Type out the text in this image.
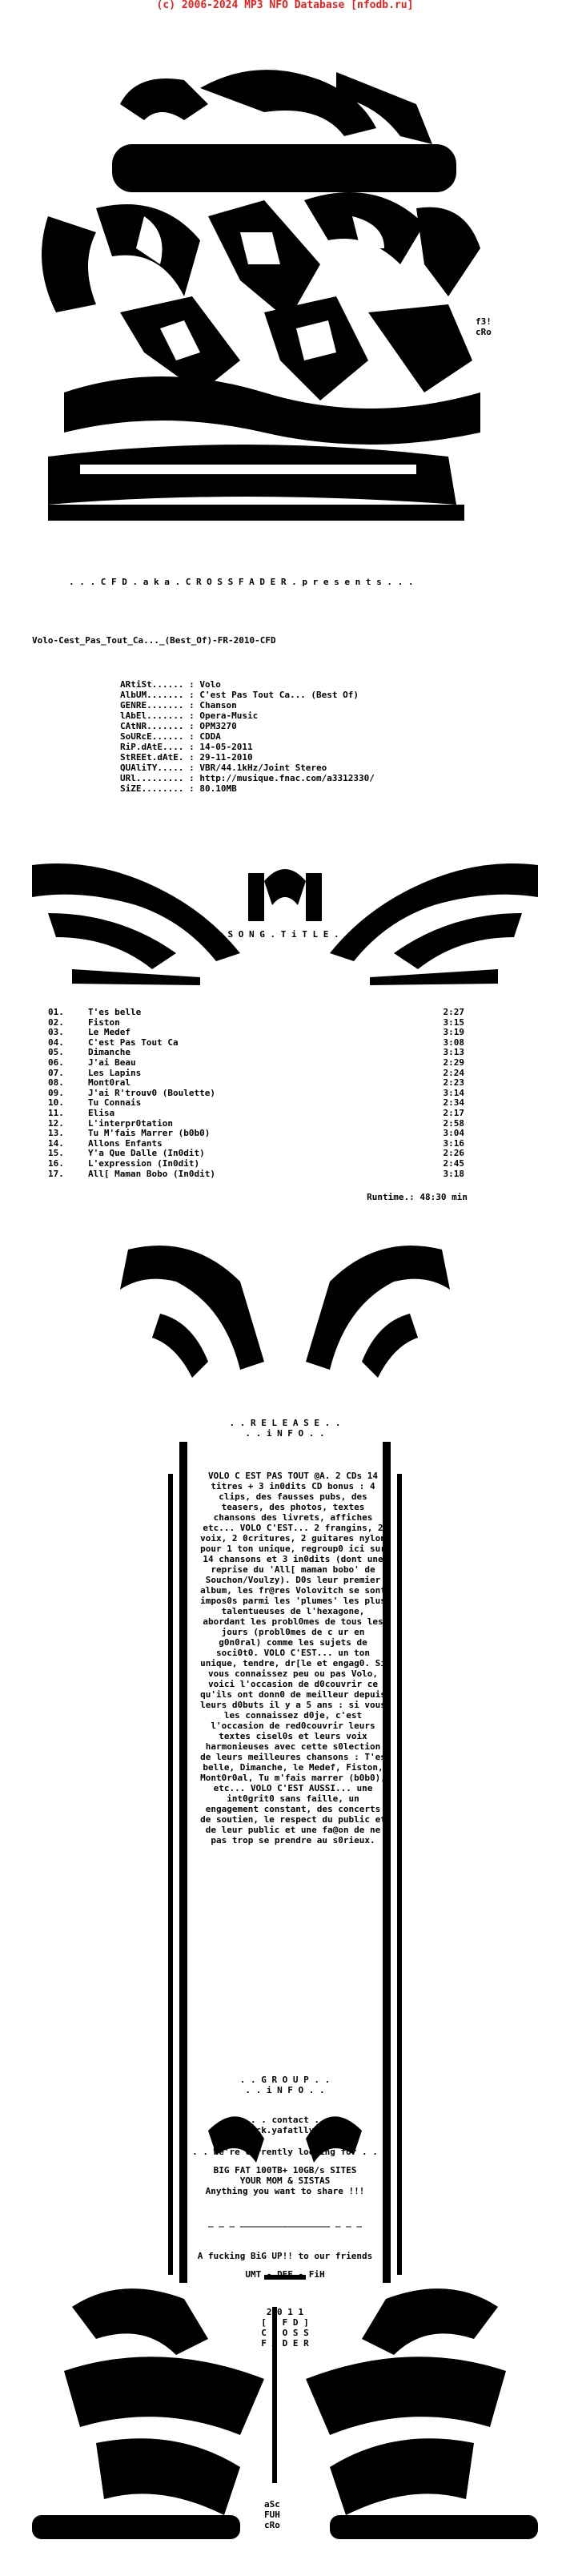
(c) 2006-2024 MP3 NFO Database [nfodb.ru]
f3!
cRo
. . . C F D . a k a . C R O S S F A D E R . p r e s e n t s . . .
Volo-Cest_Pas_Tout_Ca..._(Best_Of)-FR-2010-CFD
ARtiSt...... : Volo
AlbUM....... : C'est Pas Tout Ca... (Best Of)
GENRE....... : Chanson
lAbEl....... : Opera-Music
CAtNR....... : OPM3270
SoURcE...... : CDDA
RiP.dAtE.... : 14-05-2011
StREEt.dAtE. : 29-11-2010
QUAliTY..... : VBR/44.1kHz/Joint Stereo
URl......... : http://musique.fnac.com/a3312330/
SiZE........ : 80.10MB
. . S O N G . T i T L E . .
01.	T'es belle	2:27
02.	Fiston	3:15
03.	Le Medef	3:19
04.	C'est Pas Tout Ca	3:08
05.	Dimanche	3:13
06.	J'ai Beau	2:29
07.	Les Lapins	2:24
08.	Mont0ral	2:23
09.	J'ai R'trouv0 (Boulette)	3:14
10.	Tu Connais	2:34
11.	Elisa	2:17
12.	L'interpr0tation	2:58
13.	Tu M'fais Marrer (b0b0)	3:04
14.	Allons Enfants	3:16
15.	Y'a Que Dalle (In0dit)	2:26
16.	L'expression (In0dit)	2:45
17.	All[ Maman Bobo (In0dit)	3:18
Runtime.: 48:30 min
. . R E L E A S E . .
. . i N F O . .
VOLO C EST PAS TOUT @A. 2 CDs 14 titres + 3 in0dits CD bonus : 4 clips, des fausses pubs, des teasers, des photos, textes chansons des livrets, affiches etc... VOLO C'EST... 2 frangins, 2 voix, 2 0critures, 2 guitares nylon pour 1 ton unique, regroup0 ici sur 14 chansons et 3 in0dits (dont une reprise du 'All[ maman bobo' de Souchon/Voulzy). D0s leur premier album, les fr@res Volovitch se sont impos0s parmi les 'plumes' les plus talentueuses de l'hexagone, abordant les probl0mes de tous les jours (probl0mes de c ur en g0n0ral) comme les sujets de soci0t0. VOLO C'EST... un ton unique, tendre, dr[le et engag0. Si vous connaissez peu ou pas Volo, voici l'occasion de d0couvrir ce qu'ils ont donn0 de meilleur depuis leurs d0buts il y a 5 ans : si vous les connaissez d0je, c'est l'occasion de red0couvrir leurs textes cisel0s et leurs voix harmonieuses avec cette s0lection de leurs meilleures chansons : T'es belle, Dimanche, le Medef, Fiston, Mont0r0al, Tu m'fais marrer (b0b0), etc... VOLO C'EST AUSSI... une int0grit0 sans faille, un engagement constant, des concerts de soutien, le respect du public et de leur public et une fa@on de ne pas trop se prendre au s0rieux.
. . G R O U P . .
. . i N F O . .
. . . contact . .
go.fuck.yafatllya.com
. . We're currently looking for . .
BIG FAT 100TB+ 10GB/s SITES
YOUR MOM & SISTAS
Anything you want to share !!!
_ _ _ _________________ _ _ _
A fucking BiG UP!! to our friends
UMT - DEF - FiH
2 0 1 1
[ C F D ]
C R O S S
F A D E R
aSc
FUH
cRo
